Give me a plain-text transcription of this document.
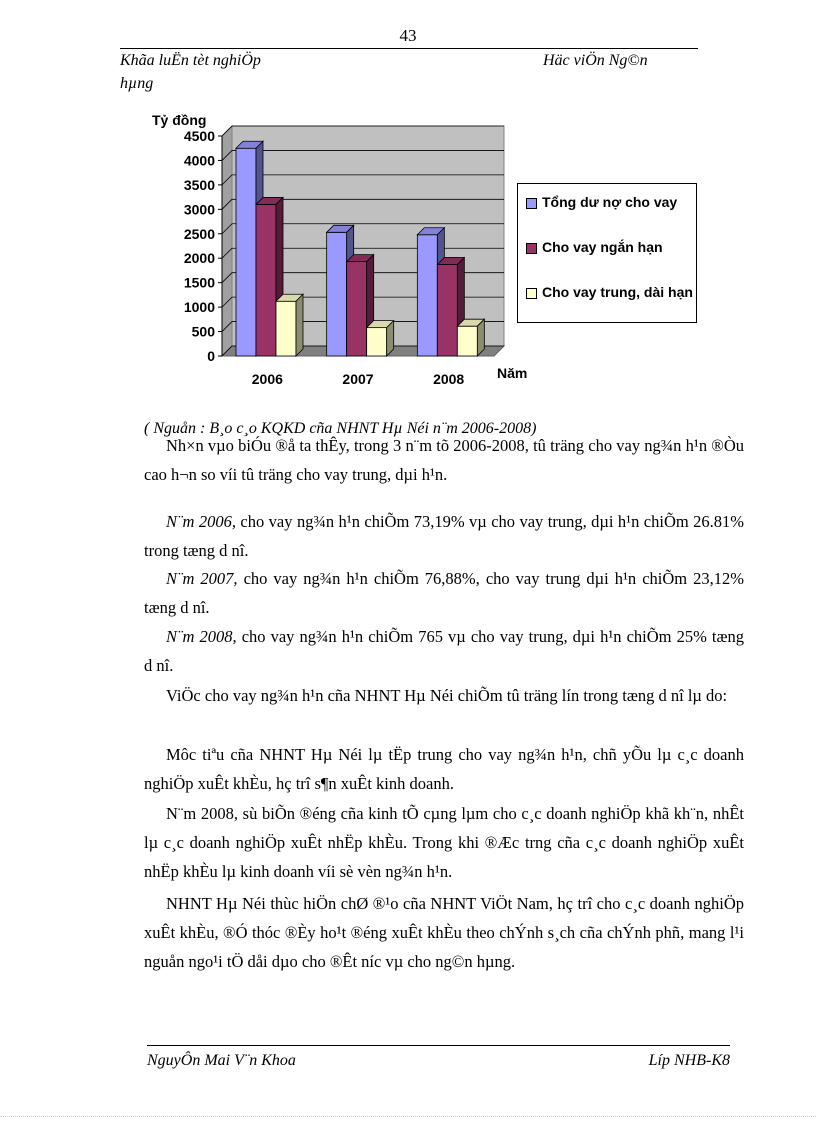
43
Khãa luËn tèt nghiÖp
hµng
Häc viÖn Ng©n
0
500
1000
1500
2000
2500
3000
3500
4000
4500
2006	2007	2008
Tỷ đồng
Năm
Tổng dư nợ cho vay
Cho vay ngắn hạn
Cho vay trung, dài hạn
( Nguån : B¸o c¸o KQKD cña NHNT Hµ Néi n¨m 2006-2008)

Nh×n vµo biÓu ®å ta thÊy, trong 3 n¨m tõ 2006-2008, tû träng cho vay ng¾n h¹n ®Òu cao h¬n so víi tû träng cho vay trung, dµi h¹n.

N¨m 2006, cho vay ng¾n h¹n chiÕm 73,19% vµ cho vay trung, dµi h¹n chiÕm 26.81% trong tæng d nî.

N¨m 2007, cho vay ng¾n h¹n chiÕm 76,88%, cho vay trung dµi h¹n chiÕm 23,12% tæng d nî.

N¨m 2008, cho vay ng¾n h¹n chiÕm 765 vµ cho vay trung, dµi h¹n chiÕm 25% tæng d nî.

ViÖc cho vay ng¾n h¹n cña NHNT Hµ Néi chiÕm tû träng lín trong tæng d nî lµ do:

Môc tiªu cña NHNT Hµ Néi lµ tËp trung cho vay ng¾n h¹n, chñ yÕu lµ c¸c doanh nghiÖp xuÊt khÈu, hç trî s¶n xuÊt kinh doanh.

N¨m 2008, sù biÕn ®éng cña kinh tÕ cµng lµm cho c¸c doanh nghiÖp khã kh¨n, nhÊt lµ c¸c doanh nghiÖp xuÊt nhËp khÈu. Trong khi ®Æc trng cña c¸c doanh nghiÖp xuÊt nhËp khÈu lµ kinh doanh víi sè vèn ng¾n h¹n.

NHNT Hµ Néi thùc hiÖn chØ ®¹o cña NHNT ViÖt Nam, hç trî cho c¸c doanh nghiÖp xuÊt khÈu, ®Ó thóc ®Èy ho¹t ®éng xuÊt khÈu theo chÝnh s¸ch cña chÝnh phñ, mang l¹i nguån ngo¹i tÖ dåi dµo cho ®Êt níc vµ cho ng©n hµng.

NguyÔn Mai V¨n Khoa	Líp NHB-K8
